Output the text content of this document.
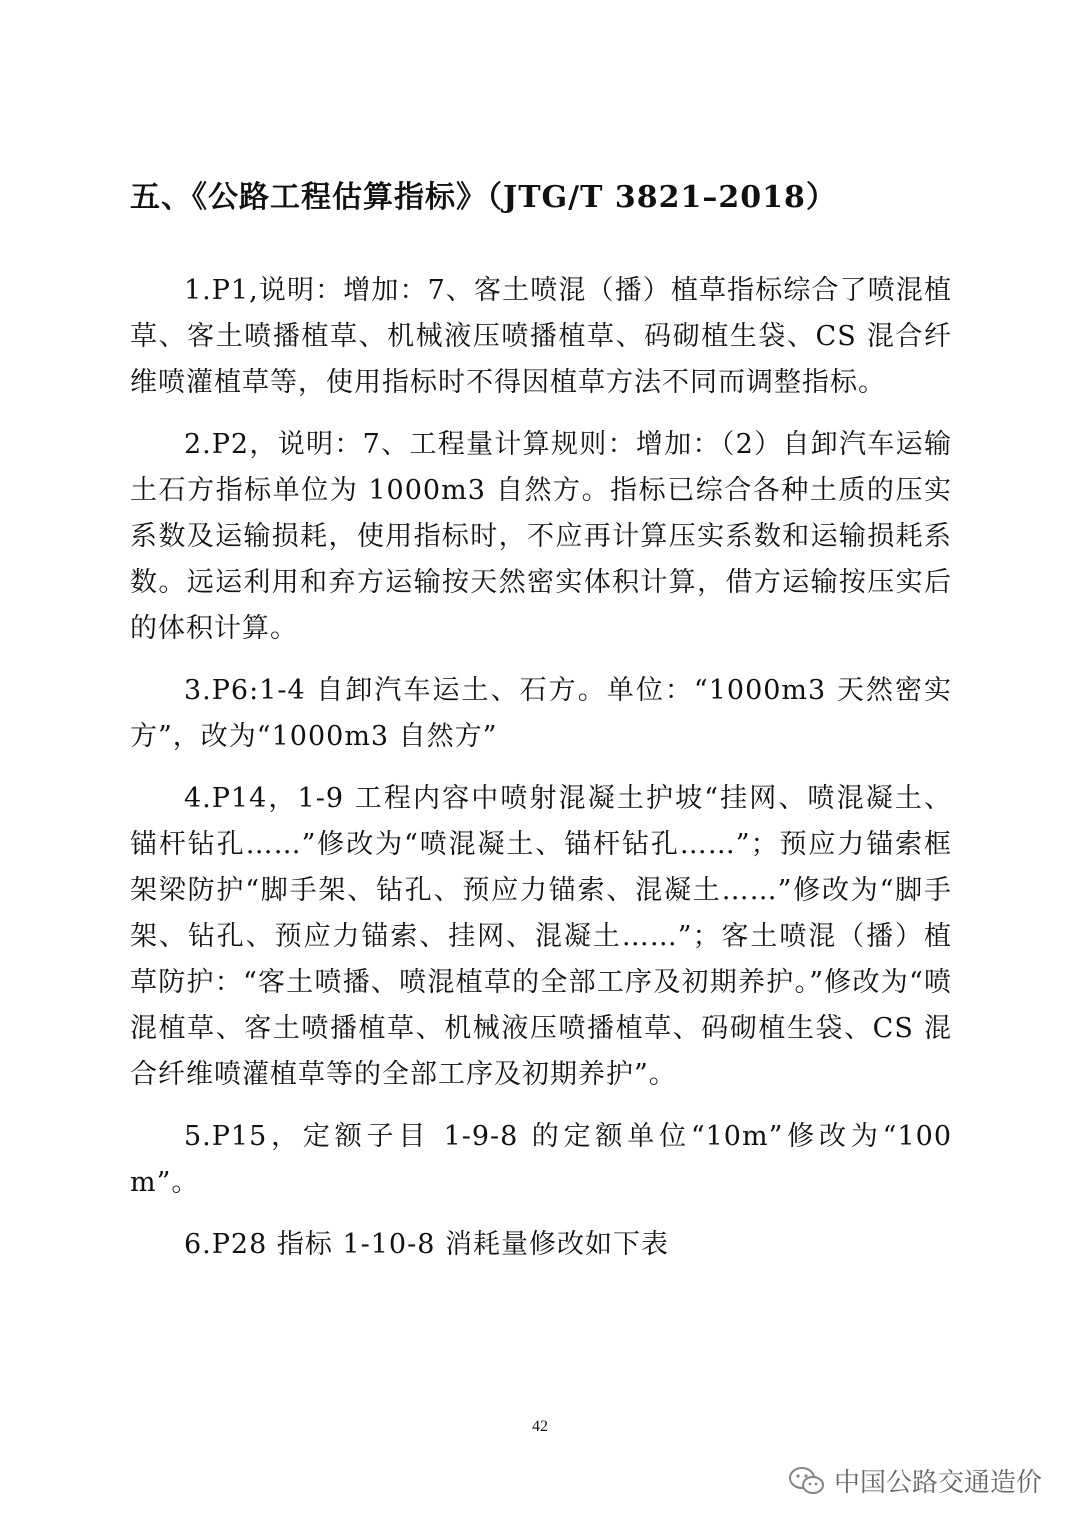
五、《公路工程估算指标》（JTG/T 3821–2018）

1.P1,说明：增加：7、客土喷混（播）植草指标综合了喷混植草、客土喷播植草、机械液压喷播植草、码砌植生袋、CS 混合纤维喷灌植草等，使用指标时不得因植草方法不同而调整指标。

2.P2，说明：7、工程量计算规则：增加：（2）自卸汽车运输土石方指标单位为 1000m3 自然方。指标已综合各种土质的压实系数及运输损耗，使用指标时，不应再计算压实系数和运输损耗系数。远运利用和弃方运输按天然密实体积计算，借方运输按压实后的体积计算。

3.P6:1-4 自卸汽车运土、石方。单位：“1000m3 天然密实方”，改为“1000m3 自然方”

4.P14，1-9 工程内容中喷射混凝土护坡“挂网、喷混凝土、锚杆钻孔……”修改为“喷混凝土、锚杆钻孔……”；预应力锚索框架梁防护“脚手架、钻孔、预应力锚索、混凝土……”修改为“脚手架、钻孔、预应力锚索、挂网、混凝土……”；客土喷混（播）植草防护：“客土喷播、喷混植草的全部工序及初期养护。”修改为“喷混植草、客土喷播植草、机械液压喷播植草、码砌植生袋、CS 混合纤维喷灌植草等的全部工序及初期养护”。

5.P15，定额子目 1-9-8 的定额单位“10m”修改为“100m”。

6.P28 指标 1-10-8 消耗量修改如下表

42
中国公路交通造价
